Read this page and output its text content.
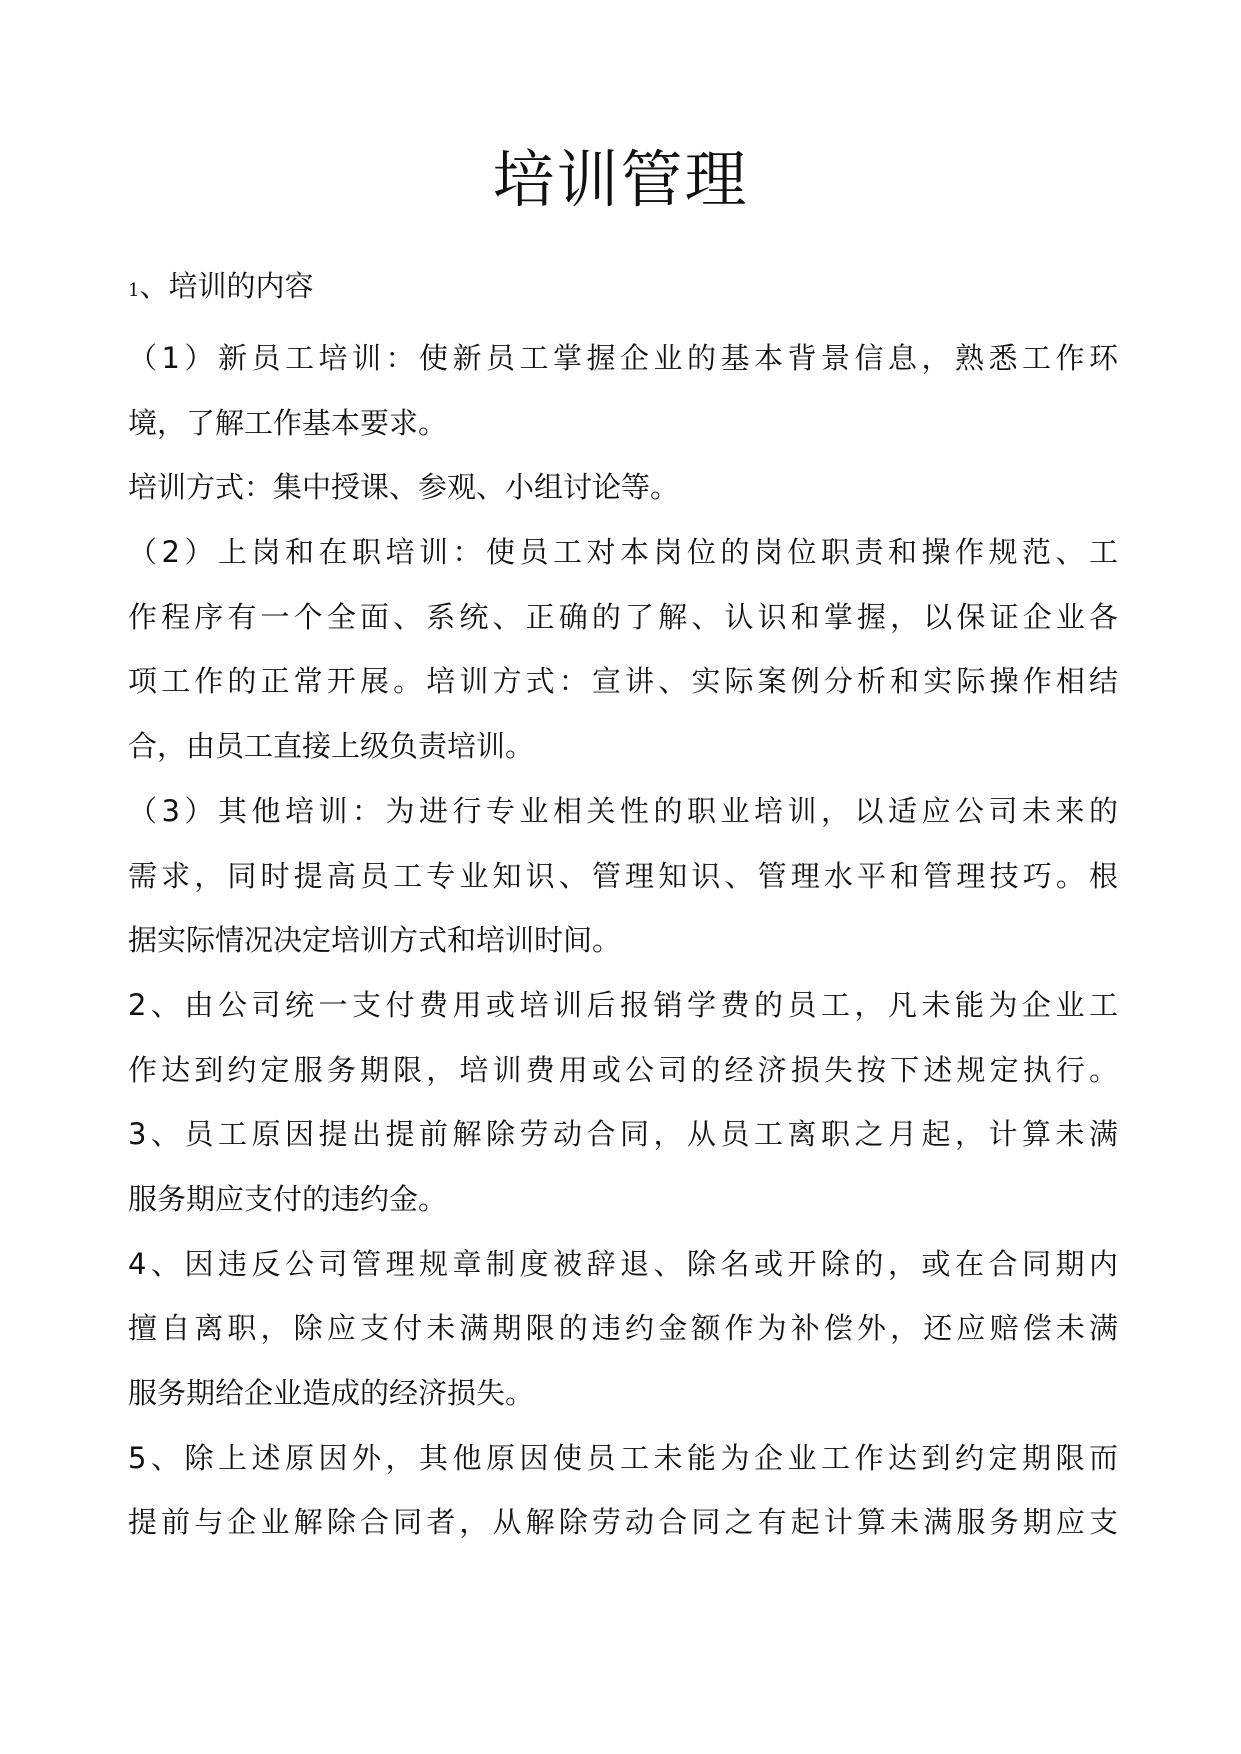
培训管理
1、培训的内容
（1）新员工培训：使新员工掌握企业的基本背景信息，熟悉工作环
境，了解工作基本要求。
培训方式：集中授课、参观、小组讨论等。
（2）上岗和在职培训：使员工对本岗位的岗位职责和操作规范、工
作程序有一个全面、系统、正确的了解、认识和掌握，以保证企业各
项工作的正常开展。培训方式：宣讲、实际案例分析和实际操作相结
合，由员工直接上级负责培训。
（3）其他培训：为进行专业相关性的职业培训，以适应公司未来的
需求，同时提高员工专业知识、管理知识、管理水平和管理技巧。根
据实际情况决定培训方式和培训时间。
2、由公司统一支付费用或培训后报销学费的员工，凡未能为企业工
作达到约定服务期限，培训费用或公司的经济损失按下述规定执行。
3、员工原因提出提前解除劳动合同，从员工离职之月起，计算未满
服务期应支付的违约金。
4、因违反公司管理规章制度被辞退、除名或开除的，或在合同期内
擅自离职，除应支付未满期限的违约金额作为补偿外，还应赔偿未满
服务期给企业造成的经济损失。
5、除上述原因外，其他原因使员工未能为企业工作达到约定期限而
提前与企业解除合同者，从解除劳动合同之有起计算未满服务期应支
